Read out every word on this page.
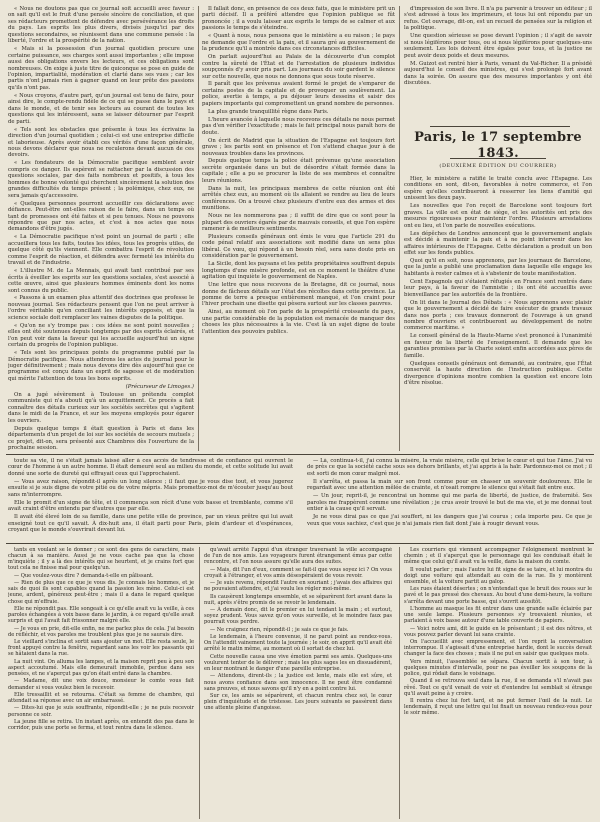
« Nous ne doutons pas que ce journal soit accueilli avec faveur : on sait qu'il est le fruit d'une pensée sincère de conciliation, et que ses rédacteurs promettent de défendre avec persévérance les droits du pays. Les esprits les plus divers, divisés jusqu'ici par des questions secondaires, se réunissent dans une commune pensée : la liberté, l'ordre et la prospérité de la nation.

« Mais si la possession d'un journal quotidien procure une certaine puissance, ses charges sont aussi importantes ; elle impose aussi des obligations envers les lecteurs, et ces obligations sont nombreuses. On exige à juste titre de quiconque se pose en guide de l'opinion, impartialité, modération et clarté dans ses vues ; car les partis n'ont jamais rien à gagner quand on leur prête des passions qu'ils n'ont pas.

« Nous croyons, d'autre part, qu'un journal est tenu de faire, pour ainsi dire, le compte-rendu fidèle de ce qui se passe dans le pays et dans le monde, et de tenir ses lecteurs au courant de toutes les questions qui les intéressent, sans se laisser détourner par l'esprit de parti.

« Tels sont les obstacles que présente à tous les écrivains la direction d'un journal quotidien ; celui-ci est une entreprise difficile et laborieuse. Après avoir établi ces vérités d'une façon générale, nous devons déclarer que nous ne reculerons devant aucun de ces devoirs.

« Les fondateurs de la Démocratie pacifique semblent avoir compris ce danger. Ils espèrent se rattacher par la discussion des questions sociales, par des faits nombreux et positifs, à tous les hommes de bonne volonté qui cherchent sincèrement la solution des grandes difficultés du temps présent ; la polémique, chez eux, ne sera jamais qu'accessoire.

« Quelques personnes pourront accueillir ces déclarations avec défiance. Peut-être ont-elles raison de le faire, dans un temps où tant de promesses ont été faites et si peu tenues. Nous ne pouvons répondre que par nos actes, et c'est à nos actes que nous demandons d'être jugés.

« La Démocratie pacifique n'est point un journal de parti ; elle accueillera tous les faits, toutes les idées, tous les progrès utiles, de quelque côté qu'ils viennent. Elle combattra l'esprit de révolution comme l'esprit de réaction, et défendra avec fermeté les intérêts du travail et de l'industrie.

« L'illustre M. de La Mennais, qui avait tant contribué par ses écrits à éveiller les esprits sur les questions sociales, s'est associé à cette œuvre, ainsi que plusieurs hommes éminents dont les noms sont connus du public.

« Passons à un examen plus attentif des doctrines que professe le nouveau journal. Ses rédacteurs pensent que l'on ne peut arriver à l'ordre véritable qu'en conciliant les intérêts opposés, et que la science sociale doit remplacer les vaines disputes de la politique.

« Qu'on ne s'y trompe pas : ces idées ne sont point nouvelles ; elles ont été soutenues depuis longtemps par des esprits éclairés, et l'on peut voir dans la faveur qui les accueille aujourd'hui un signe certain du progrès de l'opinion publique.

« Tels sont les principaux points du programme publié par la Démocratie pacifique. Nous attendrons les actes du journal pour le juger définitivement ; mais nous devons dire dès aujourd'hui que ce programme est conçu dans un esprit de sagesse et de modération qui mérite l'attention de tous les bons esprits.

(Précurseur de Limoges.)

On a jugé sévèrement à Toulouse un prétendu complot communiste qui n'a abouti qu'à un acquittement. Ce procès a fait connaître des détails curieux sur les sociétés secrètes qui s'agitent dans le midi de la France, et sur les moyens employés pour égarer les ouvriers.

Depuis quelque temps il était question à Paris et dans les départements d'un projet de loi sur les sociétés de secours mutuels ; ce projet, dit-on, sera présenté aux Chambres dès l'ouverture de la prochaine session.

Il fallait donc, en présence de ces deux faits, que le ministère prît un parti décisif. Il a préféré attendre que l'opinion publique se fût prononcée ; il a voulu laisser aux esprits le temps de se calmer et aux passions le temps de s'éteindre.

« Quant à nous, nous pensons que le ministère a eu raison ; le pays ne demande que l'ordre et la paix, et il saura gré au gouvernement de la prudence qu'il a montrée dans ces circonstances difficiles.

On parlait aujourd'hui au Palais de la découverte d'un complot contre la sûreté de l'État et de l'arrestation de plusieurs individus soupçonnés d'y avoir pris part. Les journaux du soir gardent le silence sur cette nouvelle, que nous ne donnons que sous toute réserve.

Il paraît que les prévenus avaient formé le projet de s'emparer de certains postes de la capitale et de provoquer un soulèvement. La police, avertie à temps, a pu déjouer leurs desseins et saisir des papiers importants qui compromettent un grand nombre de personnes.

La plus grande tranquillité règne dans Paris.

L'heure avancée à laquelle nous recevons ces détails ne nous permet pas d'en vérifier l'exactitude ; mais le fait principal nous paraît hors de doute.

On écrit de Madrid que la situation de l'Espagne est toujours fort grave ; les partis sont en présence et l'on s'attend chaque jour à de nouveaux troubles dans les provinces.

Depuis quelque temps la police était prévenue qu'une association secrète organisée dans un but de désordre s'était formée dans la capitale ; elle a pu se procurer la liste de ses membres et connaître leurs réunions.

Dans la nuit, les principaux membres de cette réunion ont été arrêtés chez eux, au moment où ils allaient se rendre au lieu de leurs conférences. On a trouvé chez plusieurs d'entre eux des armes et des munitions.

Nous ne les nommerons pas ; il suffit de dire que ce sont pour la plupart des ouvriers égarés par de mauvais conseils, et que l'on espère ramener à de meilleurs sentiments.

Plusieurs conseils généraux ont émis le vœu que l'article 291 du code pénal relatif aux associations soit modifié dans un sens plus libéral. Ce vœu, qui répond à un besoin réel, sera sans doute pris en considération par le gouvernement.

La Sicile, dont les paysans et les petits propriétaires souffrent depuis longtemps d'une misère profonde, est en ce moment le théâtre d'une agitation qui inquiète le gouvernement de Naples.

Une lettre que nous recevons de la Bretagne, dit ce journal, nous donne de fâcheux détails sur l'état des récoltes dans cette province. La pomme de terre a presque entièrement manqué, et l'on craint pour l'hiver prochain une disette qui pèsera surtout sur les classes pauvres.

Ainsi, au moment où l'on parle de la prospérité croissante du pays, une partie considérable de la population est menacée de manquer des choses les plus nécessaires à la vie. C'est là un sujet digne de toute l'attention des pouvoirs publics.

d'impression de son livre. Il n'a pu parvenir à trouver un éditeur ; il s'est adressé à tous les imprimeurs, et tous lui ont répondu par un refus. Cet ouvrage, dit-on, est un recueil de pensées sur la religion et la politique.

Une question sérieuse se pose devant l'opinion ; il s'agit de savoir si nous légiférons pour tous, ou si nous légiférons pour quelques-uns seulement. Les lois doivent être égales pour tous, et la justice ne peut avoir deux poids et deux mesures.

M. Guizot est rentré hier à Paris, venant du Val-Richer. Il a présidé aujourd'hui le conseil des ministres, qui s'est prolongé fort avant dans la soirée. On assure que des mesures importantes y ont été discutées.

Paris, le 17 septembre 1843.
(DEUXIÈME ÉDITION DU COURRIER)

Hier, le ministère a ratifié le traité conclu avec l'Espagne. Les conditions en sont, dit-on, favorables à notre commerce, et l'on espère qu'elles contribueront à resserrer les liens d'amitié qui unissent les deux pays.

Les nouvelles que l'on reçoit de Barcelone sont toujours fort graves. La ville est en état de siège, et les autorités ont pris des mesures rigoureuses pour maintenir l'ordre. Plusieurs arrestations ont eu lieu, et l'on parle de nouvelles exécutions.

Les dépêches de Londres annoncent que le gouvernement anglais est décidé à maintenir la paix et à ne point intervenir dans les affaires intérieures de l'Espagne. Cette déclaration a produit un bon effet sur les fonds publics.

Quoi qu'il en soit, nous apprenons, par les journaux de Barcelone, que la junte a publié une proclamation dans laquelle elle engage les habitants à rester calmes et à s'abstenir de toute manifestation.

Cent Espagnols qui s'étaient réfugiés en France sont rentrés dans leur pays, à la faveur de l'amnistie ; ils ont été accueillis avec bienveillance par les autorités de la frontière.

On lit dans le Journal des Débats : « Nous apprenons avec plaisir que le gouvernement a décidé de faire exécuter de grands travaux dans nos ports ; ces travaux donneront de l'ouvrage à un grand nombre d'ouvriers et contribueront au développement de notre commerce maritime. »

Le conseil général de la Haute-Marne s'est prononcé à l'unanimité en faveur de la liberté de l'enseignement. Il demande que les garanties promises par la Charte soient enfin accordées aux pères de famille.

Quelques conseils généraux ont demandé, au contraire, que l'État conservât la haute direction de l'instruction publique. Cette divergence d'opinions montre combien la question est encore loin d'être résolue.

toute sa vie, il ne s'était jamais laissé aller à ces accès de tendresse et de confiance qui ouvrent le cœur de l'homme à un autre homme. Il était demeuré seul au milieu du monde, et cette solitude lui avait donné une sorte de dureté qui effrayait ceux qui l'approchaient.

— Vous avez raison, répondit-il après un long silence ; il faut que je vous dise tout, et vous jugerez ensuite si je suis digne de votre pitié ou de votre mépris. Mais promettez-moi de m'écouter jusqu'au bout sans m'interrompre.

Elle le promit d'un signe de tête, et il commença son récit d'une voix basse et tremblante, comme s'il avait craint d'être entendu par d'autres que par elle.

Il avait été élevé loin de sa famille, dans une petite ville de province, par un vieux prêtre qui lui avait enseigné tout ce qu'il savait. À dix-huit ans, il était parti pour Paris, plein d'ardeur et d'espérances, croyant que le monde s'ouvrirait devant lui.

— Là, continua-t-il, j'ai connu la misère, la vraie misère, celle qui brise le cœur et qui tue l'âme. J'ai vu de près ce que la société cache sous ses dehors brillants, et j'ai appris à la haïr. Pardonnez-moi ce mot ; il est sorti de mon cœur malgré moi.

Il s'arrêta, et passa la main sur son front comme pour en chasser un souvenir douloureux. Elle le regardait avec une attention mêlée de crainte, et n'osait rompre le silence qui s'était fait entre eux.

— Un jour, reprit-il, je rencontrai un homme qui me parla de liberté, de justice, de fraternité. Ses paroles me frappèrent comme une révélation ; je crus avoir trouvé le but de ma vie, et je me donnai tout entier à la cause qu'il servait.

Je ne vous dirai pas ce que j'ai souffert, ni les dangers que j'ai courus ; cela importe peu. Ce que je veux que vous sachiez, c'est que je n'ai jamais rien fait dont j'aie à rougir devant vous.

tants en voulant se le donner ; ce sont des gens de caractère, mais chacun à sa manière. Aussi je ne vous cache pas que la chose m'inquiète ; il y a là des intérêts qui se heurtent, et je crains fort que tout cela ne finisse mal pour quelqu'un.

— Que voulez-vous dire ? demanda-t-elle en pâlissant.

— Rien de plus que ce que je vous dis. Je connais les hommes, et je sais de quoi ils sont capables quand la passion les mène. Celui-ci est jeune, ardent, généreux peut-être ; mais il a dans le regard quelque chose qui m'effraie.

Elle ne répondit pas. Elle songeait à ce qu'elle avait vu la veille, à ces paroles échangées à voix basse dans le jardin, à ce regard qu'elle avait surpris et qui l'avait fait frissonner malgré elle.

— Je vous en prie, dit-elle enfin, ne me parlez plus de cela. J'ai besoin de réfléchir, et vos paroles me troublent plus que je ne saurais dire.

Le vieillard s'inclina et sortit sans ajouter un mot. Elle resta seule, le front appuyé contre la fenêtre, regardant sans les voir les passants qui se hâtaient dans la rue.

La nuit vint. On alluma les lampes, et la maison reprit peu à peu son aspect accoutumé. Mais elle demeurait immobile, perdue dans ses pensées, et ne s'aperçut pas qu'on était entré dans la chambre.

— Madame, dit une voix douce, monsieur le comte vous fait demander si vous voulez bien le recevoir.

Elle tressaillit et se retourna. C'était sa femme de chambre, qui attendait sa réponse avec un air embarrassé.

— Dites-lui que je suis souffrante, répondit-elle ; je ne puis recevoir personne ce soir.

La jeune fille se retira. Un instant après, on entendit des pas dans le corridor, puis une porte se ferma, et tout rentra dans le silence.

qu'avait arrêté l'appui d'un étranger traversant la ville accompagné de l'un de nos amis. Les voyageurs furent étrangement émus par cette rencontre, et l'on nous assure qu'elle aura des suites.

— Mais, dit l'un d'eux, comment se fait-il que vous soyez ici ? On vous croyait à l'étranger, et vos amis désespéraient de vous revoir.

— Je suis revenu, répondit l'autre en souriant ; j'avais des affaires qui ne pouvaient attendre, et j'ai voulu les régler moi-même.

Ils causèrent longtemps ensemble, et se séparèrent fort avant dans la nuit, après s'être promis de se revoir le lendemain.

— À demain donc, dit le premier en lui tendant la main ; et surtout, soyez prudent. Vous savez qu'on vous surveille, et le moindre faux pas pourrait vous perdre.

— Ne craignez rien, répondit-il ; je sais ce que je fais.

Le lendemain, à l'heure convenue, il ne parut point au rendez-vous. On l'attendit vainement toute la journée ; le soir, on apprit qu'il avait été arrêté le matin même, au moment où il sortait de chez lui.

Cette nouvelle causa une vive émotion parmi ses amis. Quelques-uns voulurent tenter de le délivrer ; mais les plus sages les en dissuadèrent, en leur montrant le danger d'une pareille entreprise.

— Attendons, dirent-ils ; la justice est lente, mais elle est sûre, et nous avons confiance dans son innocence. Il ne peut être condamné sans preuves, et nous savons qu'il n'y en a point contre lui.

Sur ce, les amis se séparèrent, et chacun rentra chez soi, le cœur plein d'inquiétude et de tristesse. Les jours suivants se passèrent dans une attente pleine d'angoisse.

Les courriers qui viennent accompagner l'éloignement montrent le chemin ; et il s'aperçut que le personnage qui les conduisait était le même que celui qu'il avait vu la veille, dans la maison du comte.

Il voulut parler ; mais l'autre lui fit signe de se taire, et lui montra du doigt une voiture qui attendait au coin de la rue. Ils y montèrent ensemble, et la voiture partit au galop.

Les rues étaient désertes ; on n'entendait que le bruit des roues sur le pavé et le pas pressé des chevaux. Au bout d'une demi-heure, la voiture s'arrêta devant une porte basse, qui s'ouvrit aussitôt.

L'homme au masque les fit entrer dans une grande salle éclairée par une seule lampe. Plusieurs personnes s'y trouvaient réunies, et parlaient à voix basse autour d'une table couverte de papiers.

— Voici notre ami, dit le guide en le présentant ; il est des nôtres, et vous pouvez parler devant lui sans crainte.

On l'accueillit avec empressement, et l'on reprit la conversation interrompue. Il s'agissait d'une entreprise hardie, dont le succès devait changer la face des choses ; mais il ne put en saisir que quelques mots.

Vers minuit, l'assemblée se sépara. Chacun sortit à son tour, à quelques minutes d'intervalle, pour ne pas éveiller les soupçons de la police, qui rôdait dans le voisinage.

Quand il se retrouva seul dans la rue, il se demanda s'il n'avait pas rêvé. Tout ce qu'il venait de voir et d'entendre lui semblait si étrange qu'il avait peine à y croire.

Il rentra chez lui fort tard, et ne put fermer l'œil de la nuit. Le lendemain, il reçut une lettre qui lui fixait un nouveau rendez-vous pour le soir même.
